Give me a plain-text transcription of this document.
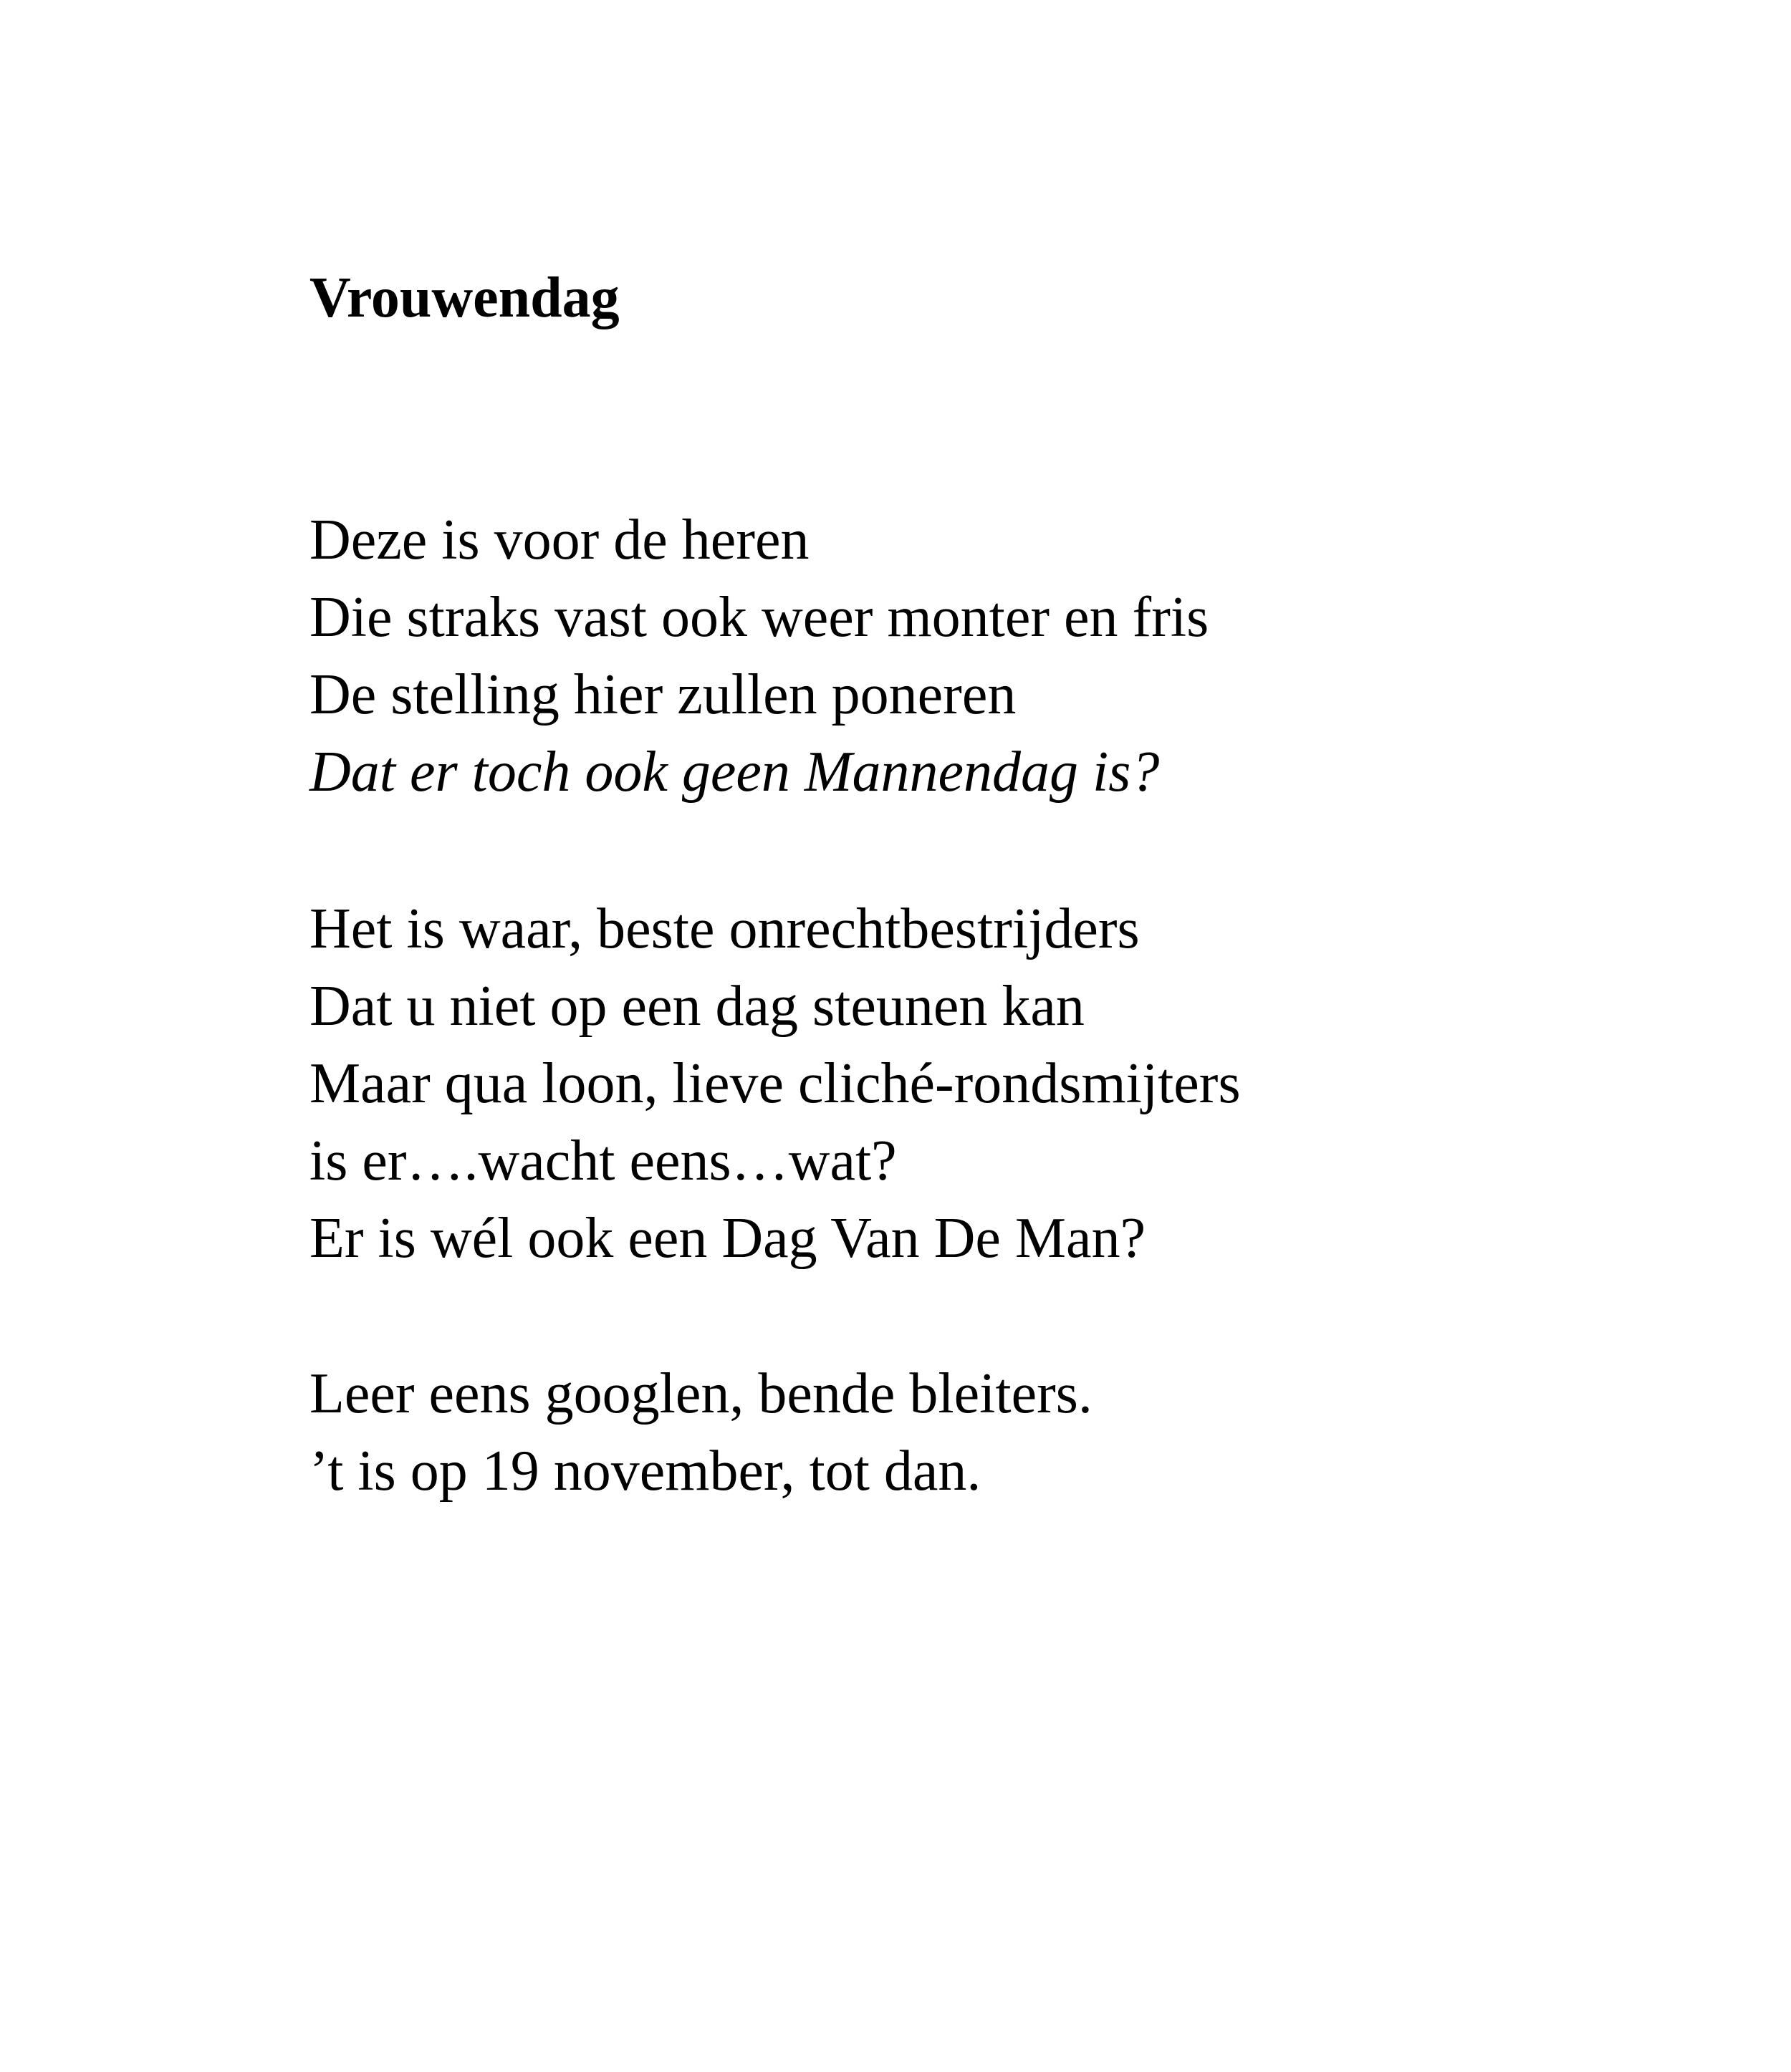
Vrouwendag
Deze is voor de heren
Die straks vast ook weer monter en fris
De stelling hier zullen poneren
Dat er toch ook geen Mannendag is?
Het is waar, beste onrechtbestrijders
Dat u niet op een dag steunen kan
Maar qua loon, lieve cliché-rondsmijters
is er….wacht eens…wat?
Er is wél ook een Dag Van De Man?
Leer eens googlen, bende bleiters.
’t is op 19 november, tot dan.
